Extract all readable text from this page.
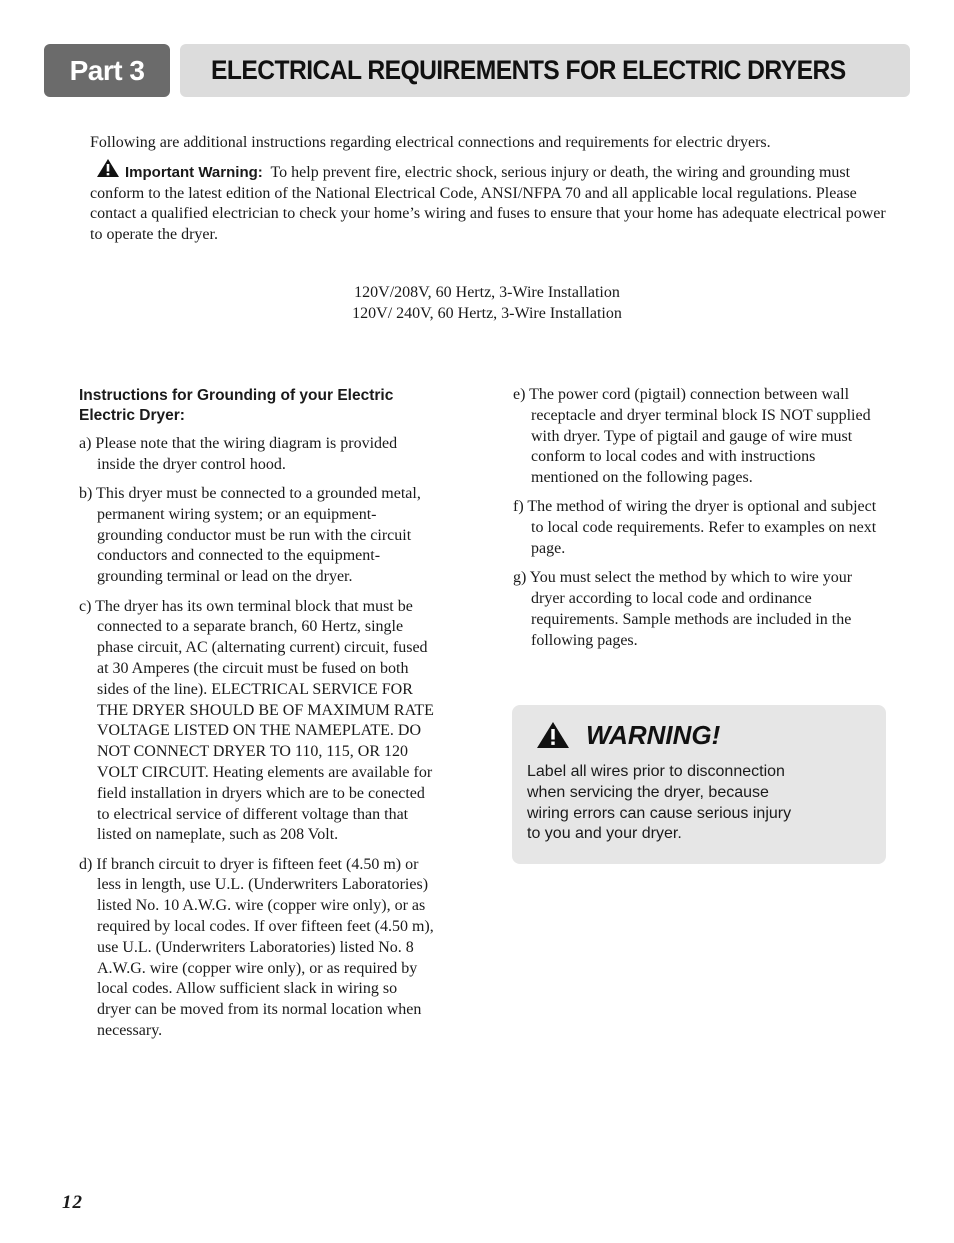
Part 3	ELECTRICAL REQUIREMENTS FOR ELECTRIC DRYERS
Following are additional instructions regarding electrical connections and requirements for electric dryers.
Important Warning: To help prevent fire, electric shock, serious injury or death, the wiring and grounding must conform to the latest edition of the National Electrical Code, ANSI/NFPA 70 and all applicable local regulations. Please contact a qualified electrician to check your home’s wiring and fuses to ensure that your home has adequate electrical power to operate the dryer.
120V/208V, 60 Hertz, 3-Wire Installation
120V/ 240V, 60 Hertz, 3-Wire Installation
Instructions for Grounding of your Electric Electric Dryer:
a) Please note that the wiring diagram is provided inside the dryer control hood.
b) This dryer must be connected to a grounded metal, permanent wiring system; or an equipment-grounding conductor must be run with the circuit conductors and connected to the equipment-grounding terminal or lead on the dryer.
c) The dryer has its own terminal block that must be connected to a separate branch, 60 Hertz, single phase circuit, AC (alternating current) circuit, fused at 30 Amperes (the circuit must be fused on both sides of the line). ELECTRICAL SERVICE FOR THE DRYER SHOULD BE OF MAXIMUM RATE VOLTAGE LISTED ON THE NAMEPLATE. DO NOT CONNECT DRYER TO 110, 115, OR 120 VOLT CIRCUIT. Heating elements are available for field installation in dryers which are to be conected to electrical service of different voltage than that listed on nameplate, such as 208 Volt.
d) If branch circuit to dryer is fifteen feet (4.50 m) or less in length, use U.L. (Underwriters Laboratories) listed No. 10 A.W.G. wire (copper wire only), or as required by local codes. If over fifteen feet (4.50 m), use U.L. (Underwriters Laboratories) listed No. 8 A.W.G. wire (copper wire only), or as required by local codes. Allow sufficient slack in wiring so dryer can be moved from its normal location when necessary.
e) The power cord (pigtail) connection between wall receptacle and dryer terminal block IS NOT supplied with dryer. Type of pigtail and gauge of wire must conform to local codes and with instructions mentioned on the following pages.
f) The method of wiring the dryer is optional and subject to local code requirements. Refer to examples on next page.
g) You must select the method by which to wire your dryer according to local code and ordinance requirements. Sample methods are included in the following pages.
WARNING!
Label all wires prior to disconnection
when servicing the dryer, because
wiring errors can cause serious injury
to you and your dryer.
12
